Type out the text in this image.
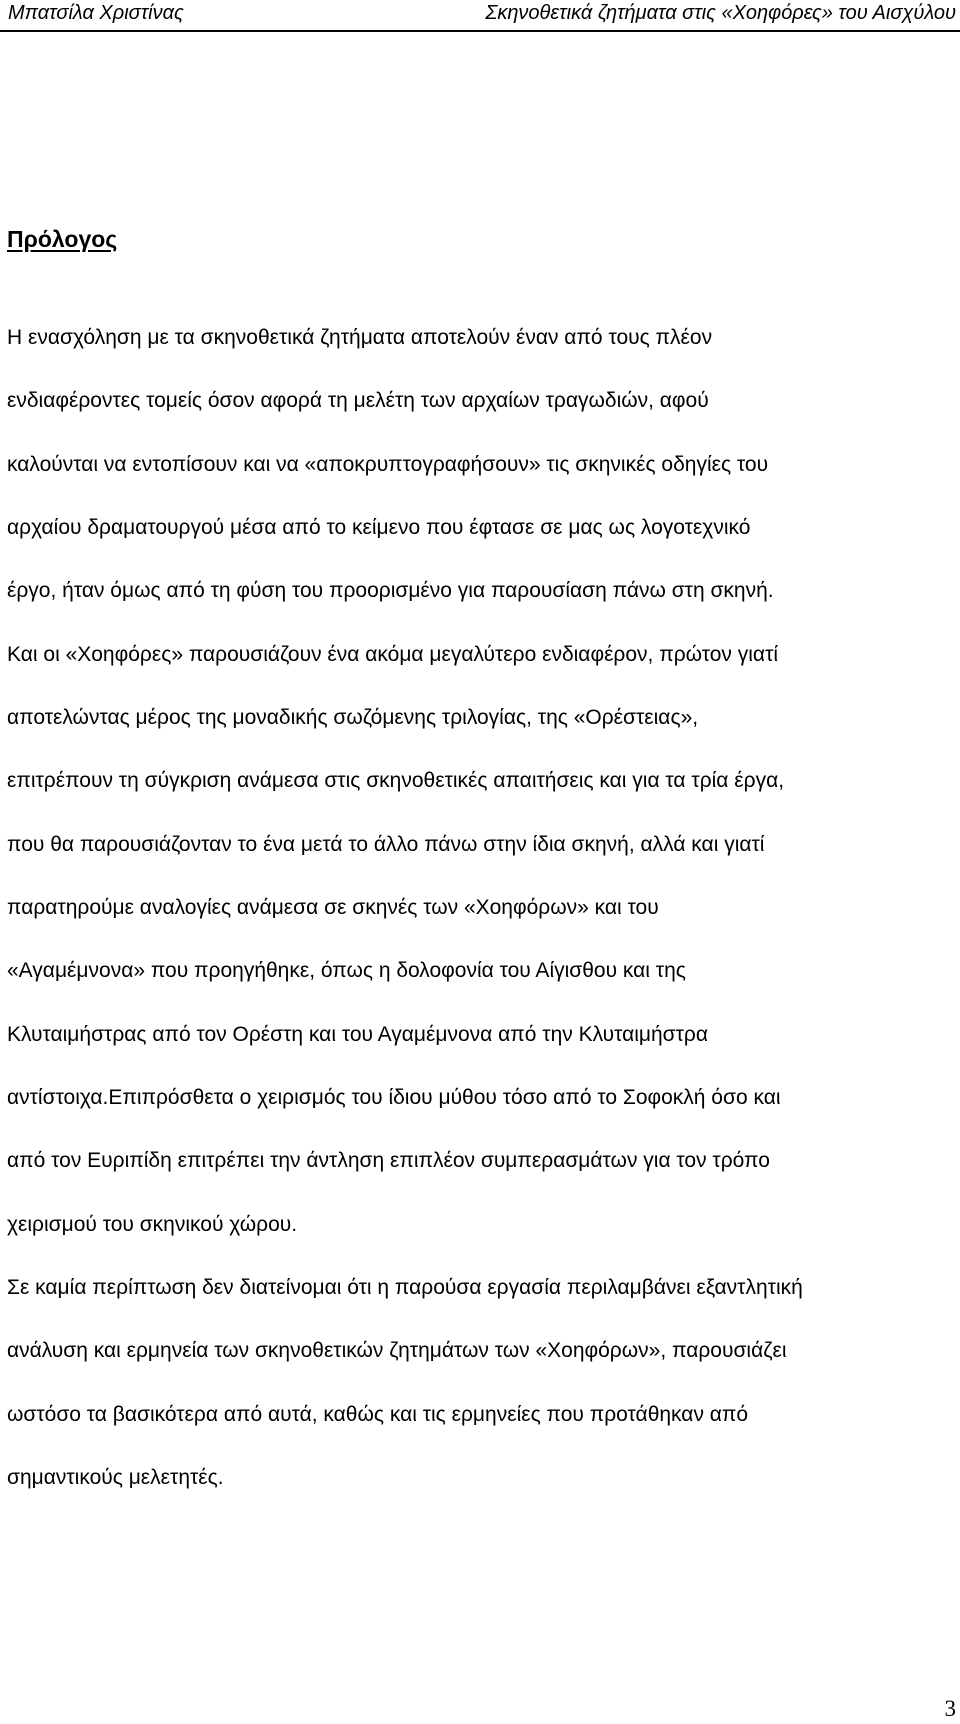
Μπατσίλα Χριστίνας	Σκηνοθετικά ζητήματα στις «Χοηφόρες» του Αισχύλου
Πρόλογος
Η ενασχόληση με τα σκηνοθετικά ζητήματα αποτελούν έναν από τους πλέον
ενδιαφέροντες τομείς όσον αφορά τη μελέτη των αρχαίων τραγωδιών, αφού
καλούνται να εντοπίσουν και να «αποκρυπτογραφήσουν» τις σκηνικές οδηγίες του
αρχαίου δραματουργού μέσα από το κείμενο που έφτασε σε μας ως λογοτεχνικό
έργο, ήταν όμως από τη φύση του προορισμένο για παρουσίαση πάνω στη σκηνή.
Και οι «Χοηφόρες» παρουσιάζουν ένα ακόμα μεγαλύτερο ενδιαφέρον, πρώτον γιατί
αποτελώντας μέρος της μοναδικής σωζόμενης τριλογίας, της «Ορέστειας»,
επιτρέπουν τη σύγκριση ανάμεσα στις σκηνοθετικές απαιτήσεις και για τα τρία έργα,
που θα παρουσιάζονταν το ένα μετά το άλλο πάνω στην ίδια σκηνή, αλλά και γιατί
παρατηρούμε αναλογίες ανάμεσα σε σκηνές των «Χοηφόρων» και του
«Αγαμέμνονα» που προηγήθηκε, όπως η δολοφονία του Αίγισθου και της
Κλυταιμήστρας από τον Ορέστη και του Αγαμέμνονα από την Κλυταιμήστρα
αντίστοιχα.Επιπρόσθετα ο χειρισμός του ίδιου μύθου τόσο από το Σοφοκλή όσο και
από τον Ευριπίδη επιτρέπει την άντληση επιπλέον συμπερασμάτων για τον τρόπο
χειρισμού του σκηνικού χώρου.
Σε καμία περίπτωση δεν διατείνομαι ότι η παρούσα εργασία περιλαμβάνει εξαντλητική
ανάλυση και ερμηνεία των σκηνοθετικών ζητημάτων των «Χοηφόρων», παρουσιάζει
ωστόσο τα βασικότερα από αυτά, καθώς και τις ερμηνείες που προτάθηκαν από
σημαντικούς μελετητές.
3
